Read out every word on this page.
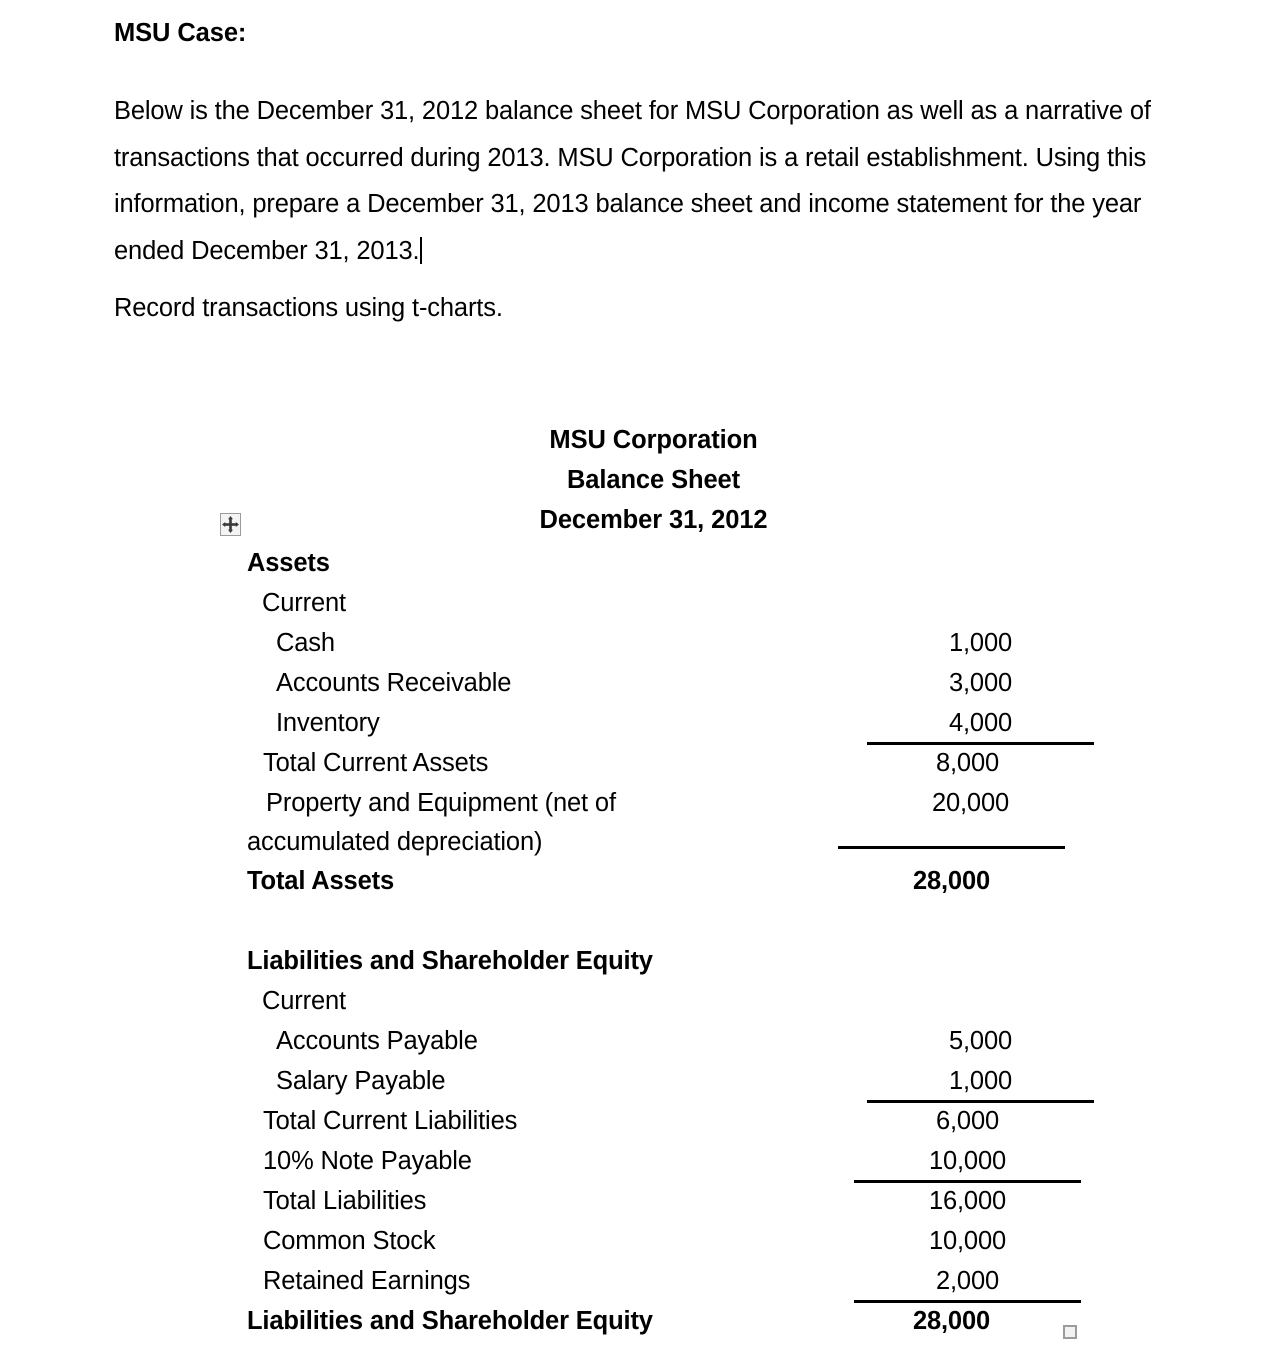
MSU Case:
Below is the December 31, 2012 balance sheet for MSU Corporation as well as a narrative of transactions that occurred during 2013. MSU Corporation is a retail establishment. Using this information, prepare a December 31, 2013 balance sheet and income statement for the year ended December 31, 2013.
Record transactions using t-charts.
MSU Corporation
Balance Sheet
December 31, 2012
Assets
Current
Cash	1,000
Accounts Receivable	3,000
Inventory	4,000
Total Current Assets	8,000
Property and Equipment (net of	20,000
accumulated depreciation)
Total Assets	28,000
Liabilities and Shareholder Equity
Current
Accounts Payable	5,000
Salary Payable	1,000
Total Current Liabilities	6,000
10% Note Payable	10,000
Total Liabilities	16,000
Common Stock	10,000
Retained Earnings	2,000
Liabilities and Shareholder Equity	28,000
